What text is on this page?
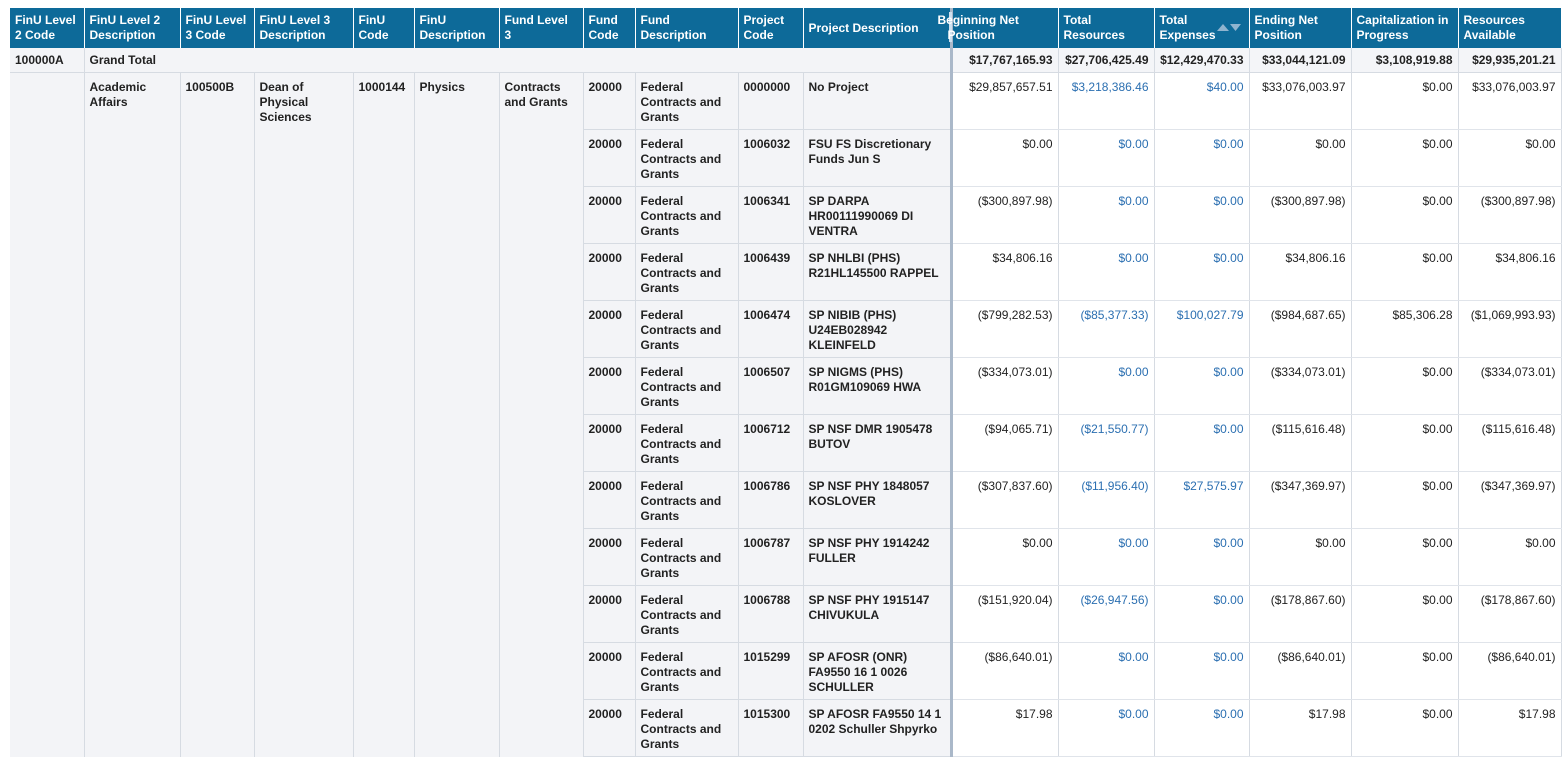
FinU Level 2 Code	FinU Level 2 Description	FinU Level 3 Code	FinU Level 3 Description	FinU Code	FinU Description	Fund Level 3	Fund Code	Fund Description	Project Code	Project Description	Beginning Net Position	Total Resources	Total Expenses	Ending Net Position	Capitalization in Progress	Resources Available
100000A	Grand Total										$17,767,165.93	$27,706,425.49	$12,429,470.33	$33,044,121.09	$3,108,919.88	$29,935,201.21
	Academic Affairs	100500B	Dean of Physical Sciences	1000144	Physics	Contracts and Grants	20000	Federal Contracts and Grants	0000000	No Project	$29,857,657.51	$3,218,386.46	$40.00	$33,076,003.97	$0.00	$33,076,003.97
							20000	Federal Contracts and Grants	1006032	FSU FS Discretionary Funds Jun S	$0.00	$0.00	$0.00	$0.00	$0.00	$0.00
							20000	Federal Contracts and Grants	1006341	SP DARPA HR00111990069 DI VENTRA	($300,897.98)	$0.00	$0.00	($300,897.98)	$0.00	($300,897.98)
							20000	Federal Contracts and Grants	1006439	SP NHLBI (PHS) R21HL145500 RAPPEL	$34,806.16	$0.00	$0.00	$34,806.16	$0.00	$34,806.16
							20000	Federal Contracts and Grants	1006474	SP NIBIB (PHS) U24EB028942 KLEINFELD	($799,282.53)	($85,377.33)	$100,027.79	($984,687.65)	$85,306.28	($1,069,993.93)
							20000	Federal Contracts and Grants	1006507	SP NIGMS (PHS) R01GM109069 HWA	($334,073.01)	$0.00	$0.00	($334,073.01)	$0.00	($334,073.01)
							20000	Federal Contracts and Grants	1006712	SP NSF DMR 1905478 BUTOV	($94,065.71)	($21,550.77)	$0.00	($115,616.48)	$0.00	($115,616.48)
							20000	Federal Contracts and Grants	1006786	SP NSF PHY 1848057 KOSLOVER	($307,837.60)	($11,956.40)	$27,575.97	($347,369.97)	$0.00	($347,369.97)
							20000	Federal Contracts and Grants	1006787	SP NSF PHY 1914242 FULLER	$0.00	$0.00	$0.00	$0.00	$0.00	$0.00
							20000	Federal Contracts and Grants	1006788	SP NSF PHY 1915147 CHIVUKULA	($151,920.04)	($26,947.56)	$0.00	($178,867.60)	$0.00	($178,867.60)
							20000	Federal Contracts and Grants	1015299	SP AFOSR (ONR) FA9550 16 1 0026 SCHULLER	($86,640.01)	$0.00	$0.00	($86,640.01)	$0.00	($86,640.01)
							20000	Federal Contracts and Grants	1015300	SP AFOSR FA9550 14 1 0202 Schuller Shpyrko	$17.98	$0.00	$0.00	$17.98	$0.00	$17.98
